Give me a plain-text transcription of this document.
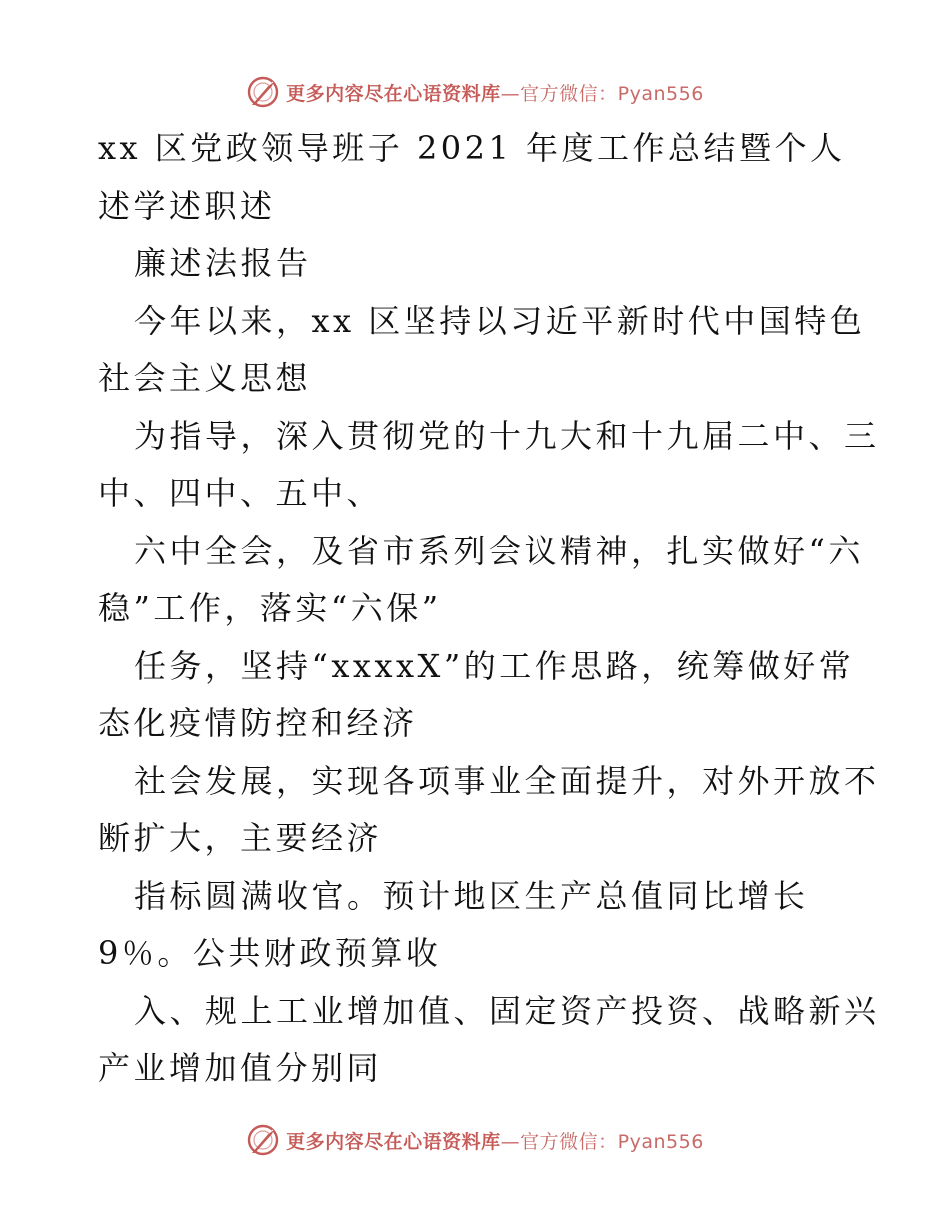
更多内容尽在心语资料库—官方微信：Pyan556
xx 区党政领导班子 2021 年度工作总结暨个人
述学述职述
廉述法报告
今年以来，xx 区坚持以习近平新时代中国特色
社会主义思想
为指导，深入贯彻党的十九大和十九届二中、三
中、四中、五中、
六中全会，及省市系列会议精神，扎实做好“六
稳”工作，落实“六保”
任务，坚持“xxxxX”的工作思路，统筹做好常
态化疫情防控和经济
社会发展，实现各项事业全面提升，对外开放不
断扩大，主要经济
指标圆满收官。预计地区生产总值同比增长
9％。公共财政预算收
入、规上工业增加值、固定资产投资、战略新兴
产业增加值分别同
更多内容尽在心语资料库—官方微信：Pyan556
